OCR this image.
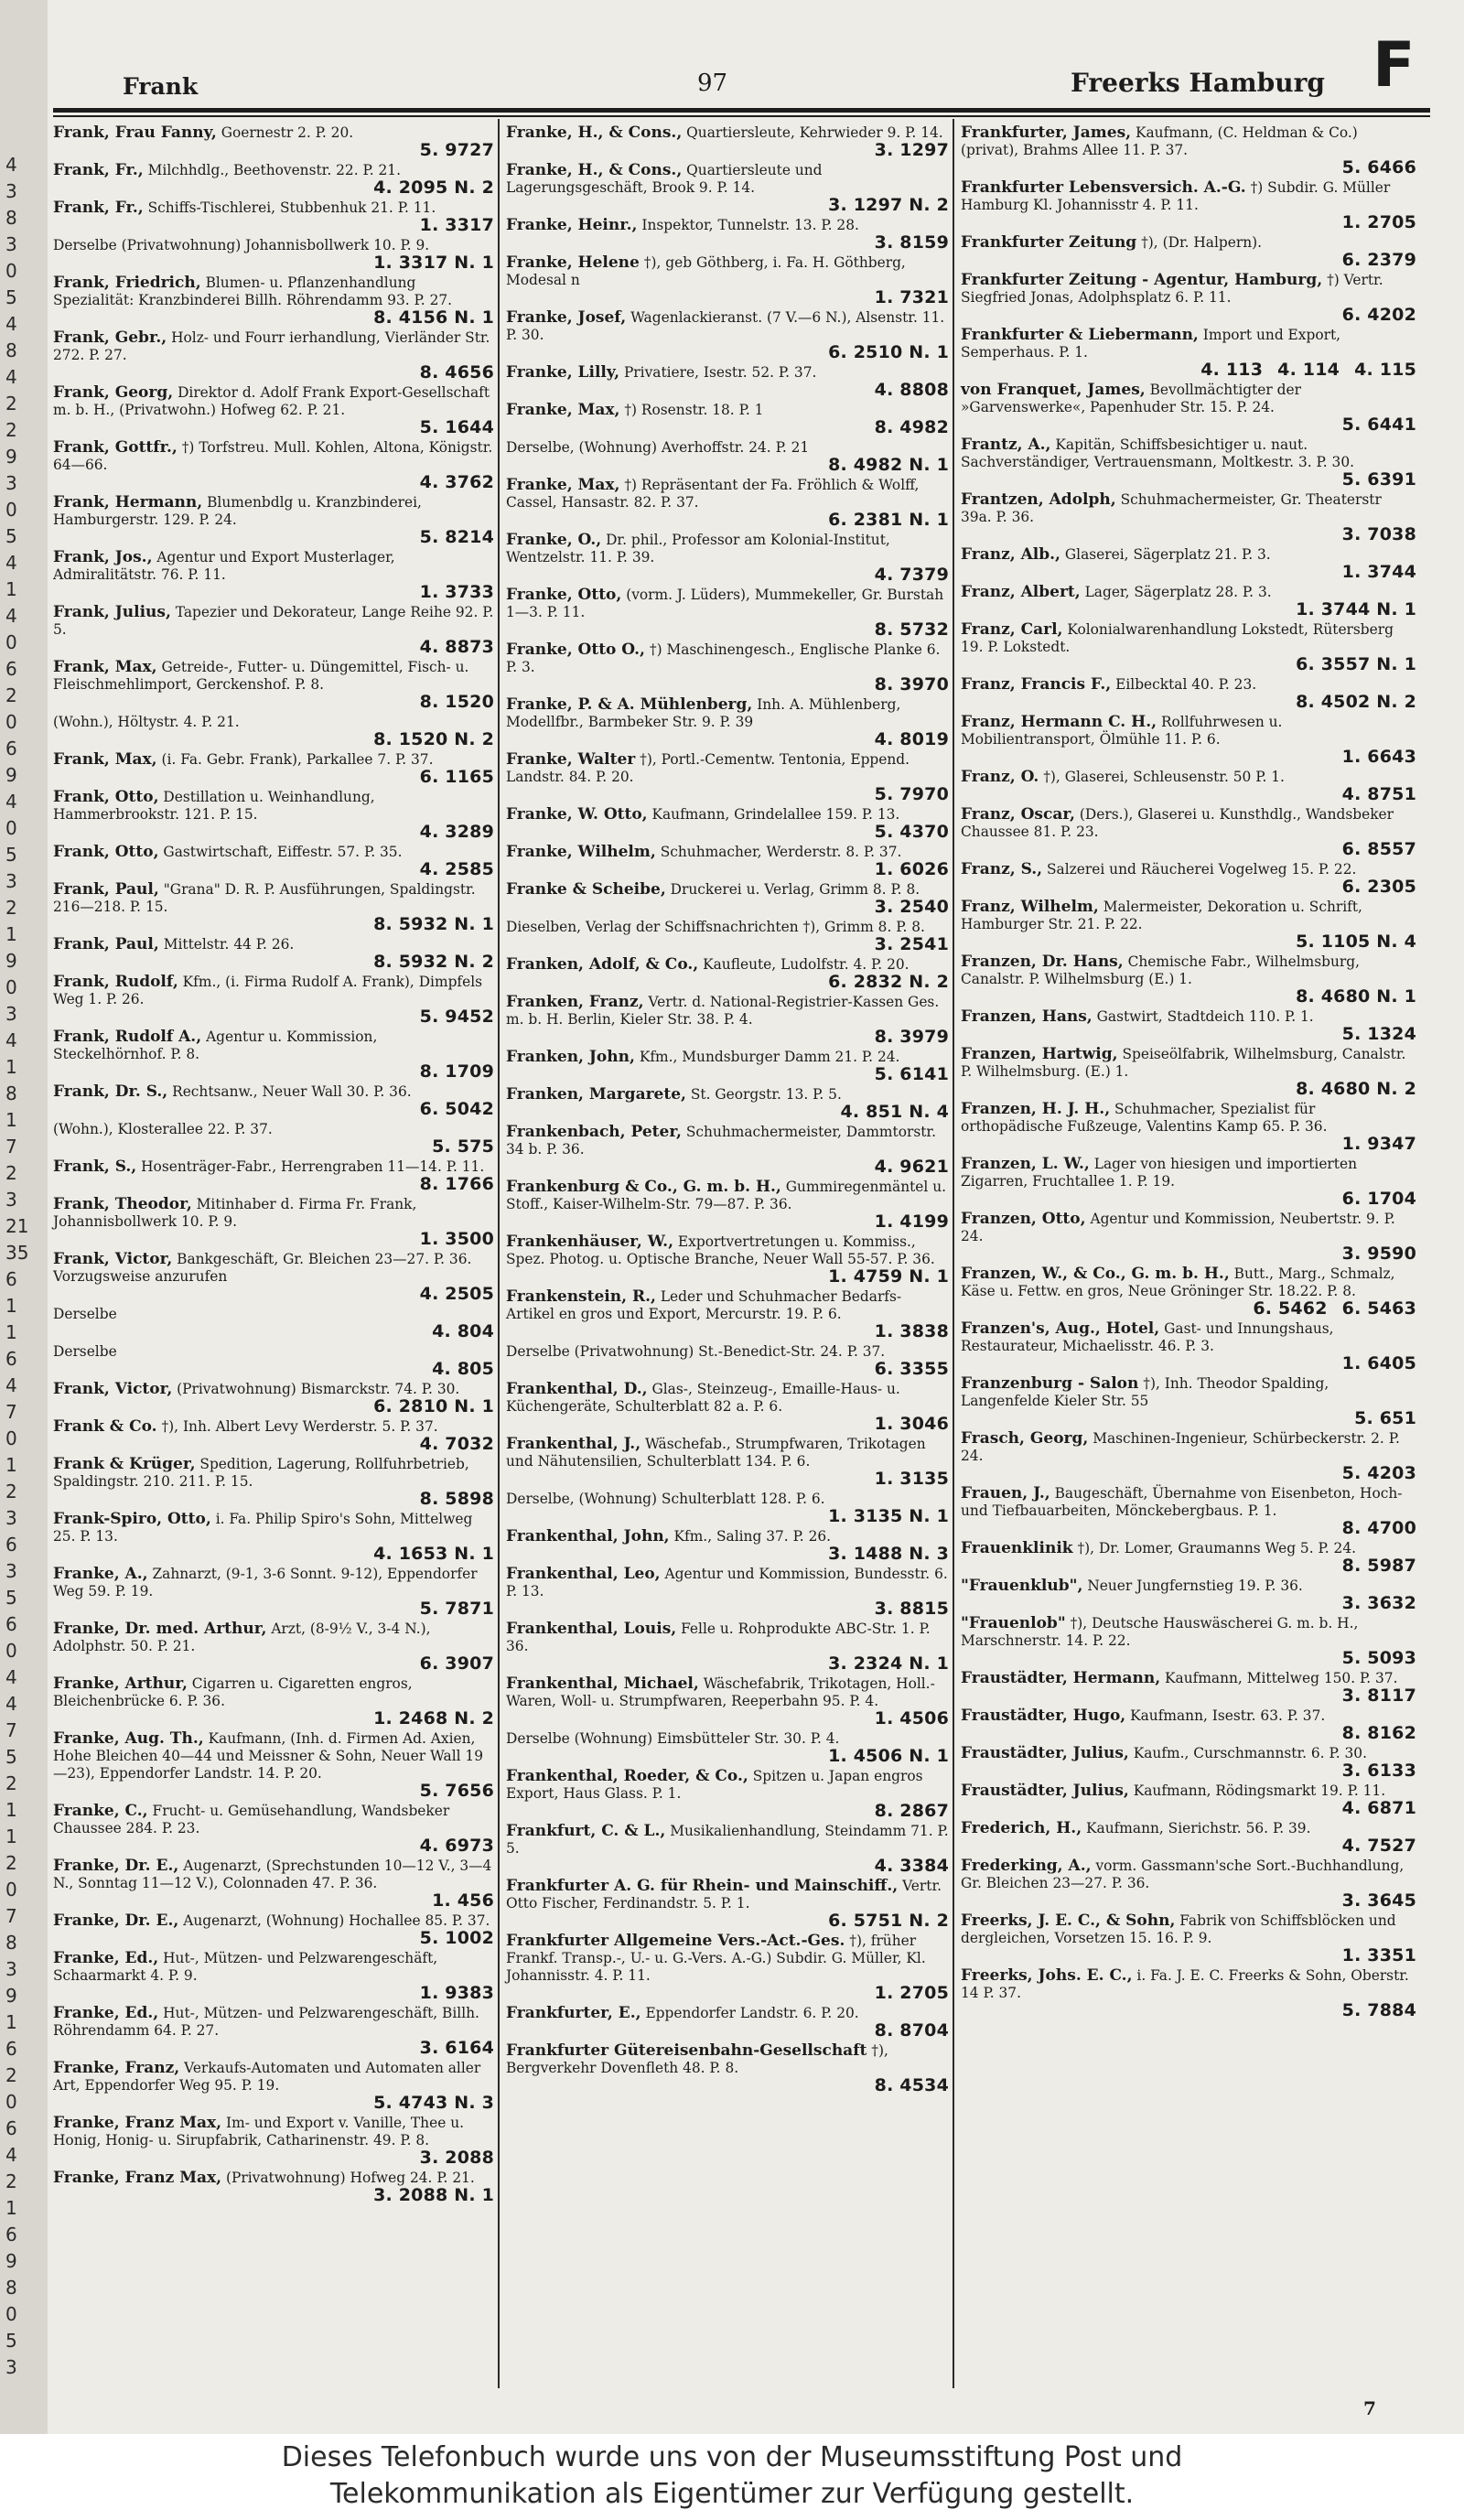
4
3
8
3
0
5
4
8
4
2
2
9
3
0
5
4
1
4
0
6
2
0
6
9
4
0
5
3
2
1
9
0
3
4
1
8
1
7
2
3
21
35
6
1
1
6
4
7
0
1
2
3
6
3
5
6
0
4
4
7
5
2
1
1
2
0
7
8
3
9
1
6
2
0
6
4
2
1
6
9
8
0
5
3
Frank	97	Freerks Hamburg F
Frank, Frau Fanny, Goernestr 2. P. 20.
5. 9727
Frank, Fr., Milchhdlg., Beethovenstr. 22. P. 21.
4. 2095 N. 2
Frank, Fr., Schiffs-Tischlerei, Stubbenhuk 21. P. 11.
1. 3317
Derselbe (Privatwohnung) Johannisbollwerk 10. P. 9.
1. 3317 N. 1
Frank, Friedrich, Blumen- u. Pflanzenhandlung Spezialität: Kranzbinderei Billh. Röhrendamm 93. P. 27.
8. 4156 N. 1
Frank, Gebr., Holz- und Fourr ierhandlung, Vierländer Str. 272. P. 27.
8. 4656
Frank, Georg, Direktor d. Adolf Frank Export-Gesellschaft m. b. H., (Privatwohn.) Hofweg 62. P. 21.
5. 1644
Frank, Gottfr., †) Torfstreu. Mull. Kohlen, Altona, Königstr. 64—66.
4. 3762
Frank, Hermann, Blumenbdlg u. Kranzbinderei, Hamburgerstr. 129. P. 24.
5. 8214
Frank, Jos., Agentur und Export Musterlager, Admiralitätstr. 76. P. 11.
1. 3733
Frank, Julius, Tapezier und Dekorateur, Lange Reihe 92. P. 5.
4. 8873
Frank, Max, Getreide-, Futter- u. Düngemittel, Fisch- u. Fleischmehlimport, Gerckenshof. P. 8.
8. 1520
(Wohn.), Höltystr. 4. P. 21.
8. 1520 N. 2
Frank, Max, (i. Fa. Gebr. Frank), Parkallee 7. P. 37.
6. 1165
Frank, Otto, Destillation u. Weinhandlung, Hammerbrookstr. 121. P. 15.
4. 3289
Frank, Otto, Gastwirtschaft, Eiffestr. 57. P. 35.
4. 2585
Frank, Paul, "Grana" D. R. P. Ausführungen, Spaldingstr. 216—218. P. 15.
8. 5932 N. 1
Frank, Paul, Mittelstr. 44 P. 26.
8. 5932 N. 2
Frank, Rudolf, Kfm., (i. Firma Rudolf A. Frank), Dimpfels Weg 1. P. 26.
5. 9452
Frank, Rudolf A., Agentur u. Kommission, Steckelhörnhof. P. 8.
8. 1709
Frank, Dr. S., Rechtsanw., Neuer Wall 30. P. 36.
6. 5042
(Wohn.), Klosterallee 22. P. 37.
5. 575
Frank, S., Hosenträger-Fabr., Herrengraben 11—14. P. 11.
8. 1766
Frank, Theodor, Mitinhaber d. Firma Fr. Frank, Johannisbollwerk 10. P. 9.
1. 3500
Frank, Victor, Bankgeschäft, Gr. Bleichen 23—27. P. 36. Vorzugsweise anzurufen
4. 2505
Derselbe
4. 804
Derselbe
4. 805
Frank, Victor, (Privatwohnung) Bismarckstr. 74. P. 30.
6. 2810 N. 1
Frank & Co. †), Inh. Albert Levy Werderstr. 5. P. 37.
4. 7032
Frank & Krüger, Spedition, Lagerung, Rollfuhrbetrieb, Spaldingstr. 210. 211. P. 15.
8. 5898
Frank-Spiro, Otto, i. Fa. Philip Spiro's Sohn, Mittelweg 25. P. 13.
4. 1653 N. 1
Franke, A., Zahnarzt, (9-1, 3-6 Sonnt. 9-12), Eppendorfer Weg 59. P. 19.
5. 7871
Franke, Dr. med. Arthur, Arzt, (8-9½ V., 3-4 N.), Adolphstr. 50. P. 21.
6. 3907
Franke, Arthur, Cigarren u. Cigaretten engros, Bleichenbrücke 6. P. 36.
1. 2468 N. 2
Franke, Aug. Th., Kaufmann, (Inh. d. Firmen Ad. Axien, Hohe Bleichen 40—44 und Meissner & Sohn, Neuer Wall 19—23), Eppendorfer Landstr. 14. P. 20.
5. 7656
Franke, C., Frucht- u. Gemüsehandlung, Wandsbeker Chaussee 284. P. 23.
4. 6973
Franke, Dr. E., Augenarzt, (Sprechstunden 10—12 V., 3—4 N., Sonntag 11—12 V.), Colonnaden 47. P. 36.
1. 456
Franke, Dr. E., Augenarzt, (Wohnung) Hochallee 85. P. 37.
5. 1002
Franke, Ed., Hut-, Mützen- und Pelzwarengeschäft, Schaarmarkt 4. P. 9.
1. 9383
Franke, Ed., Hut-, Mützen- und Pelzwarengeschäft, Billh. Röhrendamm 64. P. 27.
3. 6164
Franke, Franz, Verkaufs-Automaten und Automaten aller Art, Eppendorfer Weg 95. P. 19.
5. 4743 N. 3
Franke, Franz Max, Im- und Export v. Vanille, Thee u. Honig, Honig- u. Sirupfabrik, Catharinenstr. 49. P. 8.
3. 2088
Franke, Franz Max, (Privatwohnung) Hofweg 24. P. 21.
3. 2088 N. 1
Franke, H., & Cons., Quartiersleute, Kehrwieder 9. P. 14.
3. 1297
Franke, H., & Cons., Quartiersleute und Lagerungsgeschäft, Brook 9. P. 14.
3. 1297 N. 2
Franke, Heinr., Inspektor, Tunnelstr. 13. P. 28.
3. 8159
Franke, Helene †), geb Göthberg, i. Fa. H. Göthberg, Modesal n
1. 7321
Franke, Josef, Wagenlackieranst. (7 V.—6 N.), Alsenstr. 11. P. 30.
6. 2510 N. 1
Franke, Lilly, Privatiere, Isestr. 52. P. 37.
4. 8808
Franke, Max, †) Rosenstr. 18. P. 1
8. 4982
Derselbe, (Wohnung) Averhoffstr. 24. P. 21
8. 4982 N. 1
Franke, Max, †) Repräsentant der Fa. Fröhlich & Wolff, Cassel, Hansastr. 82. P. 37.
6. 2381 N. 1
Franke, O., Dr. phil., Professor am Kolonial-Institut, Wentzelstr. 11. P. 39.
4. 7379
Franke, Otto, (vorm. J. Lüders), Mummekeller, Gr. Burstah 1—3. P. 11.
8. 5732
Franke, Otto O., †) Maschinengesch., Englische Planke 6. P. 3.
8. 3970
Franke, P. & A. Mühlenberg, Inh. A. Mühlenberg, Modellfbr., Barmbeker Str. 9. P. 39
4. 8019
Franke, Walter †), Portl.-Cementw. Tentonia, Eppend. Landstr. 84. P. 20.
5. 7970
Franke, W. Otto, Kaufmann, Grindelallee 159. P. 13.
5. 4370
Franke, Wilhelm, Schuhmacher, Werderstr. 8. P. 37.
1. 6026
Franke & Scheibe, Druckerei u. Verlag, Grimm 8. P. 8.
3. 2540
Dieselben, Verlag der Schiffsnachrichten †), Grimm 8. P. 8.
3. 2541
Franken, Adolf, & Co., Kaufleute, Ludolfstr. 4. P. 20.
6. 2832 N. 2
Franken, Franz, Vertr. d. National-Registrier-Kassen Ges. m. b. H. Berlin, Kieler Str. 38. P. 4.
8. 3979
Franken, John, Kfm., Mundsburger Damm 21. P. 24.
5. 6141
Franken, Margarete, St. Georgstr. 13. P. 5.
4. 851 N. 4
Frankenbach, Peter, Schuhmachermeister, Dammtorstr. 34 b. P. 36.
4. 9621
Frankenburg & Co., G. m. b. H., Gummiregenmäntel u. Stoff., Kaiser-Wilhelm-Str. 79—87. P. 36.
1. 4199
Frankenhäuser, W., Exportvertretungen u. Kommiss., Spez. Photog. u. Optische Branche, Neuer Wall 55-57. P. 36.
1. 4759 N. 1
Frankenstein, R., Leder und Schuhmacher Bedarfs-Artikel en gros und Export, Mercurstr. 19. P. 6.
1. 3838
Derselbe (Privatwohnung) St.-Benedict-Str. 24. P. 37.
6. 3355
Frankenthal, D., Glas-, Steinzeug-, Emaille-Haus- u. Küchengeräte, Schulterblatt 82 a. P. 6.
1. 3046
Frankenthal, J., Wäschefab., Strumpfwaren, Trikotagen und Nähutensilien, Schulterblatt 134. P. 6.
1. 3135
Derselbe, (Wohnung) Schulterblatt 128. P. 6.
1. 3135 N. 1
Frankenthal, John, Kfm., Saling 37. P. 26.
3. 1488 N. 3
Frankenthal, Leo, Agentur und Kommission, Bundesstr. 6. P. 13.
3. 8815
Frankenthal, Louis, Felle u. Rohprodukte ABC-Str. 1. P. 36.
3. 2324 N. 1
Frankenthal, Michael, Wäschefabrik, Trikotagen, Holl.-Waren, Woll- u. Strumpfwaren, Reeperbahn 95. P. 4.
1. 4506
Derselbe (Wohnung) Eimsbütteler Str. 30. P. 4.
1. 4506 N. 1
Frankenthal, Roeder, & Co., Spitzen u. Japan engros Export, Haus Glass. P. 1.
8. 2867
Frankfurt, C. & L., Musikalienhandlung, Steindamm 71. P. 5.
4. 3384
Frankfurter A. G. für Rhein- und Mainschiff., Vertr. Otto Fischer, Ferdinandstr. 5. P. 1.
6. 5751 N. 2
Frankfurter Allgemeine Vers.-Act.-Ges. †), früher Frankf. Transp.-, U.- u. G.-Vers. A.-G.) Subdir. G. Müller, Kl. Johannisstr. 4. P. 11.
1. 2705
Frankfurter, E., Eppendorfer Landstr. 6. P. 20.
8. 8704
Frankfurter Gütereisenbahn-Gesellschaft †), Bergverkehr Dovenfleth 48. P. 8.
8. 4534
Frankfurter, James, Kaufmann, (C. Heldman & Co.) (privat), Brahms Allee 11. P. 37.
5. 6466
Frankfurter Lebensversich. A.-G. †) Subdir. G. Müller Hamburg Kl. Johannisstr 4. P. 11.
1. 2705
Frankfurter Zeitung †), (Dr. Halpern).
6. 2379
Frankfurter Zeitung - Agentur, Hamburg, †) Vertr. Siegfried Jonas, Adolphsplatz 6. P. 11.
6. 4202
Frankfurter & Liebermann, Import und Export, Semperhaus. P. 1.
4. 113 4. 114 4. 115
von Franquet, James, Bevollmächtigter der »Garvenswerke«, Papenhuder Str. 15. P. 24.
5. 6441
Frantz, A., Kapitän, Schiffsbesichtiger u. naut. Sachverständiger, Vertrauensmann, Moltkestr. 3. P. 30.
5. 6391
Frantzen, Adolph, Schuhmachermeister, Gr. Theaterstr 39a. P. 36.
3. 7038
Franz, Alb., Glaserei, Sägerplatz 21. P. 3.
1. 3744
Franz, Albert, Lager, Sägerplatz 28. P. 3.
1. 3744 N. 1
Franz, Carl, Kolonialwarenhandlung Lokstedt, Rütersberg 19. P. Lokstedt.
6. 3557 N. 1
Franz, Francis F., Eilbecktal 40. P. 23.
8. 4502 N. 2
Franz, Hermann C. H., Rollfuhrwesen u. Mobilientransport, Ölmühle 11. P. 6.
1. 6643
Franz, O. †), Glaserei, Schleusenstr. 50 P. 1.
4. 8751
Franz, Oscar, (Ders.), Glaserei u. Kunsthdlg., Wandsbeker Chaussee 81. P. 23.
6. 8557
Franz, S., Salzerei und Räucherei Vogelweg 15. P. 22.
6. 2305
Franz, Wilhelm, Malermeister, Dekoration u. Schrift, Hamburger Str. 21. P. 22.
5. 1105 N. 4
Franzen, Dr. Hans, Chemische Fabr., Wilhelmsburg, Canalstr. P. Wilhelmsburg (E.) 1.
8. 4680 N. 1
Franzen, Hans, Gastwirt, Stadtdeich 110. P. 1.
5. 1324
Franzen, Hartwig, Speiseölfabrik, Wilhelmsburg, Canalstr. P. Wilhelmsburg. (E.) 1.
8. 4680 N. 2
Franzen, H. J. H., Schuhmacher, Spezialist für orthopädische Fußzeuge, Valentins Kamp 65. P. 36.
1. 9347
Franzen, L. W., Lager von hiesigen und importierten Zigarren, Fruchtallee 1. P. 19.
6. 1704
Franzen, Otto, Agentur und Kommission, Neubertstr. 9. P. 24.
3. 9590
Franzen, W., & Co., G. m. b. H., Butt., Marg., Schmalz, Käse u. Fettw. en gros, Neue Gröninger Str. 18.22. P. 8.
6. 5462 6. 5463
Franzen's, Aug., Hotel, Gast- und Innungshaus, Restaurateur, Michaelisstr. 46. P. 3.
1. 6405
Franzenburg - Salon †), Inh. Theodor Spalding, Langenfelde Kieler Str. 55
5. 651
Frasch, Georg, Maschinen-Ingenieur, Schürbeckerstr. 2. P. 24.
5. 4203
Frauen, J., Baugeschäft, Übernahme von Eisenbeton, Hoch- und Tiefbauarbeiten, Mönckebergbaus. P. 1.
8. 4700
Frauenklinik †), Dr. Lomer, Graumanns Weg 5. P. 24.
8. 5987
"Frauenklub", Neuer Jungfernstieg 19. P. 36.
3. 3632
"Frauenlob" †), Deutsche Hauswäscherei G. m. b. H., Marschnerstr. 14. P. 22.
5. 5093
Fraustädter, Hermann, Kaufmann, Mittelweg 150. P. 37.
3. 8117
Fraustädter, Hugo, Kaufmann, Isestr. 63. P. 37.
8. 8162
Fraustädter, Julius, Kaufm., Curschmannstr. 6. P. 30.
3. 6133
Fraustädter, Julius, Kaufmann, Rödingsmarkt 19. P. 11.
4. 6871
Frederich, H., Kaufmann, Sierichstr. 56. P. 39.
4. 7527
Frederking, A., vorm. Gassmann'sche Sort.-Buchhandlung, Gr. Bleichen 23—27. P. 36.
3. 3645
Freerks, J. E. C., & Sohn, Fabrik von Schiffsblöcken und dergleichen, Vorsetzen 15. 16. P. 9.
1. 3351
Freerks, Johs. E. C., i. Fa. J. E. C. Freerks & Sohn, Oberstr. 14 P. 37.
5. 7884
7
Dieses Telefonbuch wurde uns von der Museumsstiftung Post und
Telekommunikation als Eigentümer zur Verfügung gestellt.
